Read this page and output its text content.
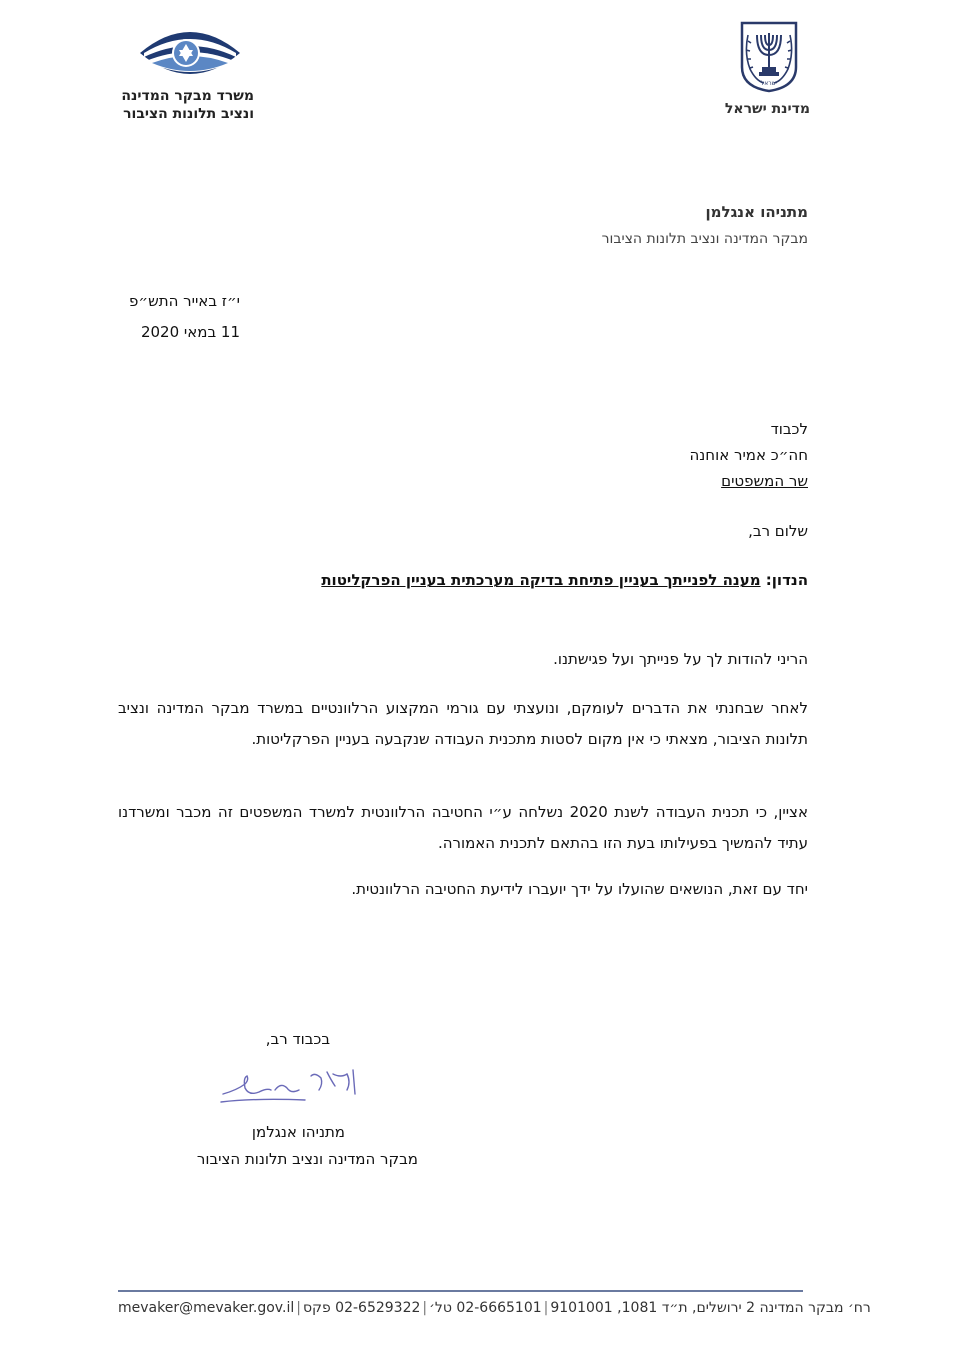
ישראל
מדינת ישראל
משרד מבקר המדינה
ונציב תלונות הציבור
מתניהו אנגלמן
מבקר המדינה ונציב תלונות הציבור
י״ז באייר התש״פ
11 במאי 2020
לכבוד
חה״כ אמיר אוחנה
שר המשפטים
שלום רב,
הנדון: מענה לפנייתך בעניין פתיחת בדיקה מערכתית בעניין הפרקליטות
הריני להודות לך על פנייתך ועל פגישתנו.
לאחר שבחנתי את הדברים לעומקם, ונועצתי עם גורמי המקצוע הרלוונטיים במשרד מבקר המדינה ונציב תלונות הציבור, מצאתי כי אין מקום לסטות מתכנית העבודה שנקבעה בעניין הפרקליטות.
אציין, כי תכנית העבודה לשנת 2020 נשלחה ע״י החטיבה הרלוונטית למשרד המשפטים זה מכבר ומשרדנו עתיד להמשיך בפעילותו בעת הזו בהתאם לתכנית האמורה.
יחד עם זאת, הנושאים שהועלו על ידך יועברו לידיעת החטיבה הרלוונטית.
בכבוד רב,
מתניהו אנגלמן
מבקר המדינה ונציב תלונות הציבור
mevaker@mevaker.gov.il | 02-6529322 פקס | 02-6665101 טל׳ | רח׳ מבקר המדינה 2 ירושלים, ת״ד 1081, 9101001
